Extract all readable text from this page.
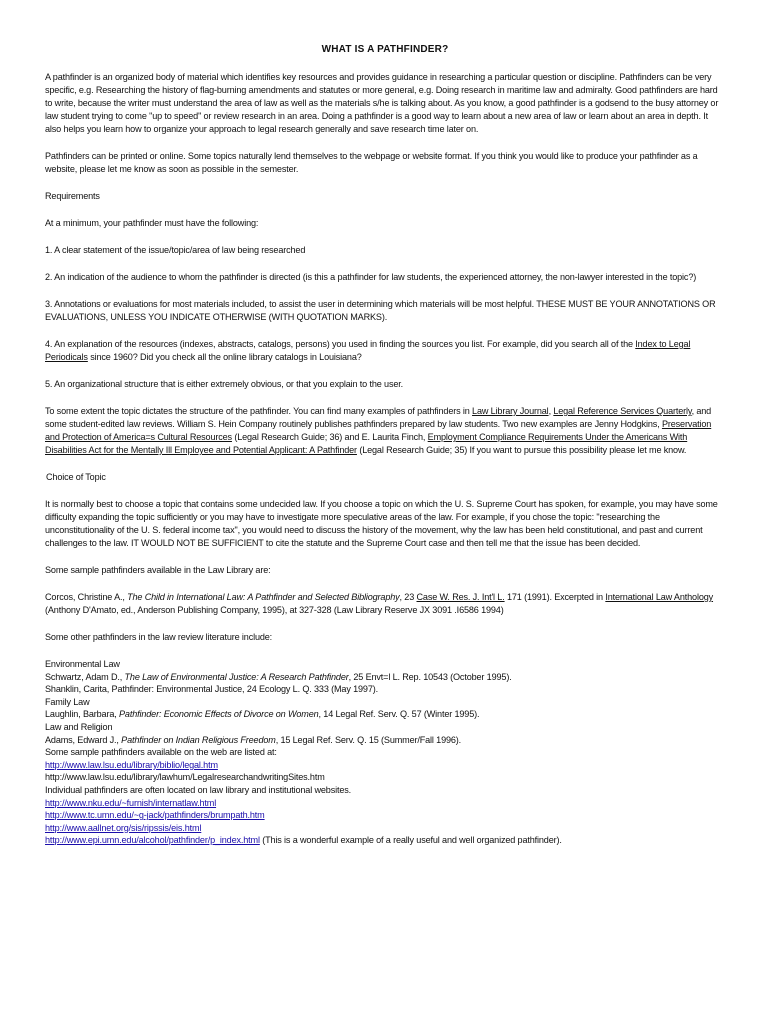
WHAT IS A PATHFINDER?

A pathfinder is an organized body of material which identifies key resources and provides guidance in researching a particular question or discipline. Pathfinders can be very specific, e.g. Researching the history of flag-burning amendments and statutes or more general, e.g. Doing research in maritime law and admiralty. Good pathfinders are hard to write, because the writer must understand the area of law as well as the materials s/he is talking about. As you know, a good pathfinder is a godsend to the busy attorney or law student trying to come "up to speed" or review research in an area. Doing a pathfinder is a good way to learn about a new area of law or learn about an area in depth. It also helps you learn how to organize your approach to legal research generally and save research time later on.

Pathfinders can be printed or online. Some topics naturally lend themselves to the webpage or website format. If you think you would like to produce your pathfinder as a website, please let me know as soon as possible in the semester.

Requirements

At a minimum, your pathfinder must have the following:

1. A clear statement of the issue/topic/area of law being researched

2. An indication of the audience to whom the pathfinder is directed (is this a pathfinder for law students, the experienced attorney, the non-lawyer interested in the topic?)

3. Annotations or evaluations for most materials included, to assist the user in determining which materials will be most helpful. THESE MUST BE YOUR ANNOTATIONS OR EVALUATIONS, UNLESS YOU INDICATE OTHERWISE (WITH QUOTATION MARKS).

4. An explanation of the resources (indexes, abstracts, catalogs, persons) you used in finding the sources you list. For example, did you search all of the Index to Legal Periodicals since 1960? Did you check all the online library catalogs in Louisiana?

5. An organizational structure that is either extremely obvious, or that you explain to the user.

To some extent the topic dictates the structure of the pathfinder. You can find many examples of pathfinders in Law Library Journal, Legal Reference Services Quarterly, and some student-edited law reviews. William S. Hein Company routinely publishes pathfinders prepared by law students. Two new examples are Jenny Hodgkins, Preservation and Protection of America=s Cultural Resources (Legal Research Guide; 36) and E. Laurita Finch, Employment Compliance Requirements Under the Americans With Disabilities Act for the Mentally Ill Employee and Potential Applicant: A Pathfinder (Legal Research Guide; 35) If you want to pursue this possibility please let me know.

Choice of Topic

It is normally best to choose a topic that contains some undecided law. If you choose a topic on which the U. S. Supreme Court has spoken, for example, you may have some difficulty expanding the topic sufficiently or you may have to investigate more speculative areas of the law. For example, if you chose the topic: "researching the unconstitutionality of the U. S. federal income tax", you would need to discuss the history of the movement, why the law has been held constitutional, and past and current challenges to the law. IT WOULD NOT BE SUFFICIENT to cite the statute and the Supreme Court case and then tell me that the issue has been decided.

Some sample pathfinders available in the Law Library are:

Corcos, Christine A., The Child in International Law: A Pathfinder and Selected Bibliography, 23 Case W. Res. J. Int'l L. 171 (1991). Excerpted in International Law Anthology (Anthony D'Amato, ed., Anderson Publishing Company, 1995), at 327-328 (Law Library Reserve JX 3091 .I6586 1994)

Some other pathfinders in the law review literature include:

Environmental Law

Schwartz, Adam D., The Law of Environmental Justice: A Research Pathfinder, 25 Envt=l L. Rep. 10543 (October 1995).

Shanklin, Carita, Pathfinder: Environmental Justice, 24 Ecology L. Q. 333 (May 1997).

Family Law

Laughlin, Barbara, Pathfinder: Economic Effects of Divorce on Women, 14 Legal Ref. Serv. Q. 57 (Winter 1995).

Law and Religion

Adams, Edward J., Pathfinder on Indian Religious Freedom, 15 Legal Ref. Serv. Q. 15 (Summer/Fall 1996).

Some sample pathfinders available on the web are listed at:

http://www.law.lsu.edu/library/biblio/legal.htm

http://www.law.lsu.edu/library/lawhum/LegalresearchandwritingSites.htm

Individual pathfinders are often located on law library and institutional websites.

http://www.nku.edu/~furnish/internatlaw.html

http://www.tc.umn.edu/~g-jack/pathfinders/brumpath.htm

http://www.aallnet.org/sis/ripssis/eis.html

http://www.epi.umn.edu/alcohol/pathfinder/p_index.html (This is a wonderful example of a really useful and well organized pathfinder).
